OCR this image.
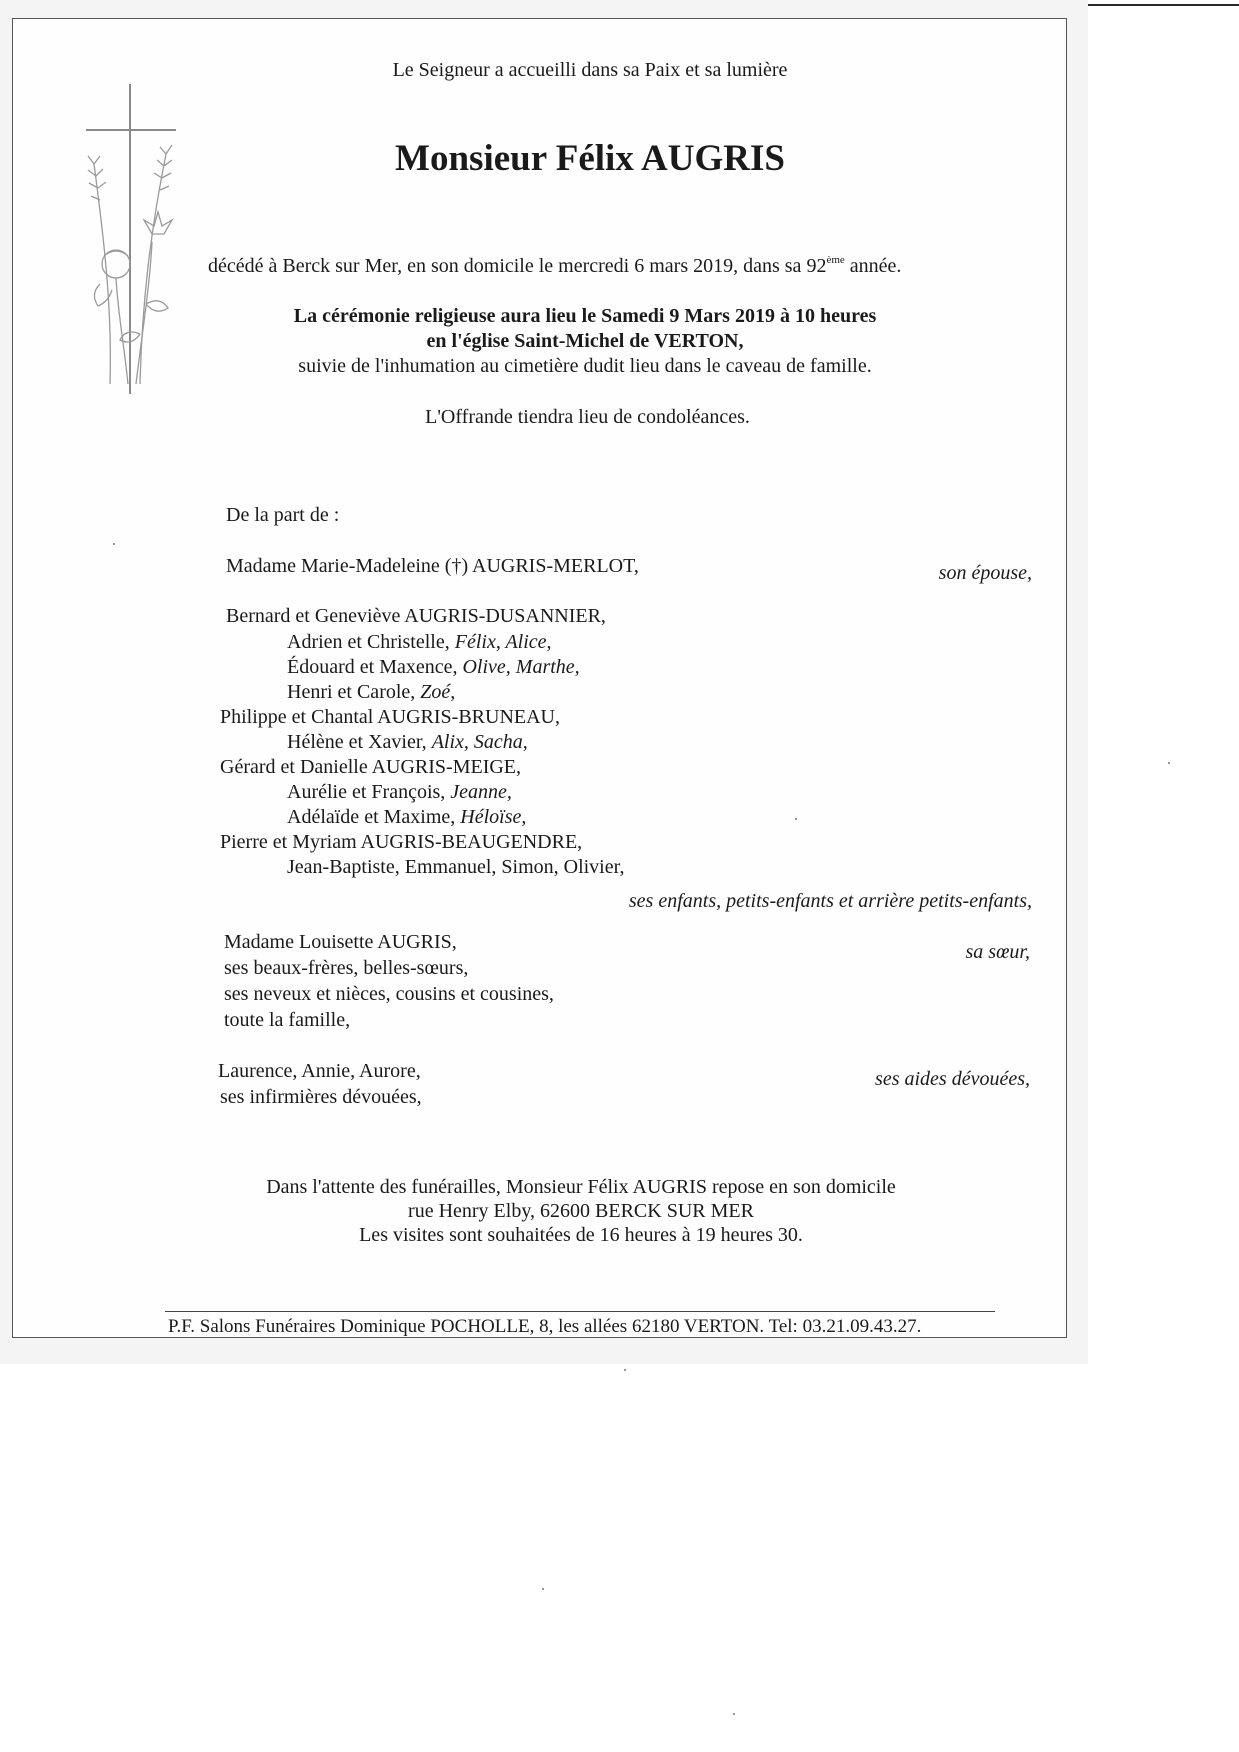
Le Seigneur a accueilli dans sa Paix et sa lumière
Monsieur Félix AUGRIS
décédé à Berck sur Mer, en son domicile le mercredi 6 mars 2019, dans sa 92ème année.
La cérémonie religieuse aura lieu le Samedi 9 Mars 2019 à 10 heures
en l'église Saint-Michel de VERTON,
suivie de l'inhumation au cimetière dudit lieu dans le caveau de famille.
L'Offrande tiendra lieu de condoléances.
De la part de :
Madame Marie-Madeleine (†) AUGRIS-MERLOT,	son épouse,
Bernard et Geneviève AUGRIS-DUSANNIER,
Adrien et Christelle, Félix, Alice,
Édouard et Maxence, Olive, Marthe,
Henri et Carole, Zoé,
Philippe et Chantal AUGRIS-BRUNEAU,
Hélène et Xavier, Alix, Sacha,
Gérard et Danielle AUGRIS-MEIGE,
Aurélie et François, Jeanne,
Adélaïde et Maxime, Héloïse,
Pierre et Myriam AUGRIS-BEAUGENDRE,
Jean-Baptiste, Emmanuel, Simon, Olivier,
ses enfants, petits-enfants et arrière petits-enfants,
Madame Louisette AUGRIS,
ses beaux-frères, belles-sœurs,
ses neveux et nièces, cousins et cousines,
toute la famille,
sa sœur,
Laurence, Annie, Aurore,
ses infirmières dévouées,
ses aides dévouées,
Dans l'attente des funérailles, Monsieur Félix AUGRIS repose en son domicile
rue Henry Elby, 62600 BERCK SUR MER
Les visites sont souhaitées de 16 heures à 19 heures 30.
P.F. Salons Funéraires Dominique POCHOLLE, 8, les allées 62180 VERTON. Tel: 03.21.09.43.27.
